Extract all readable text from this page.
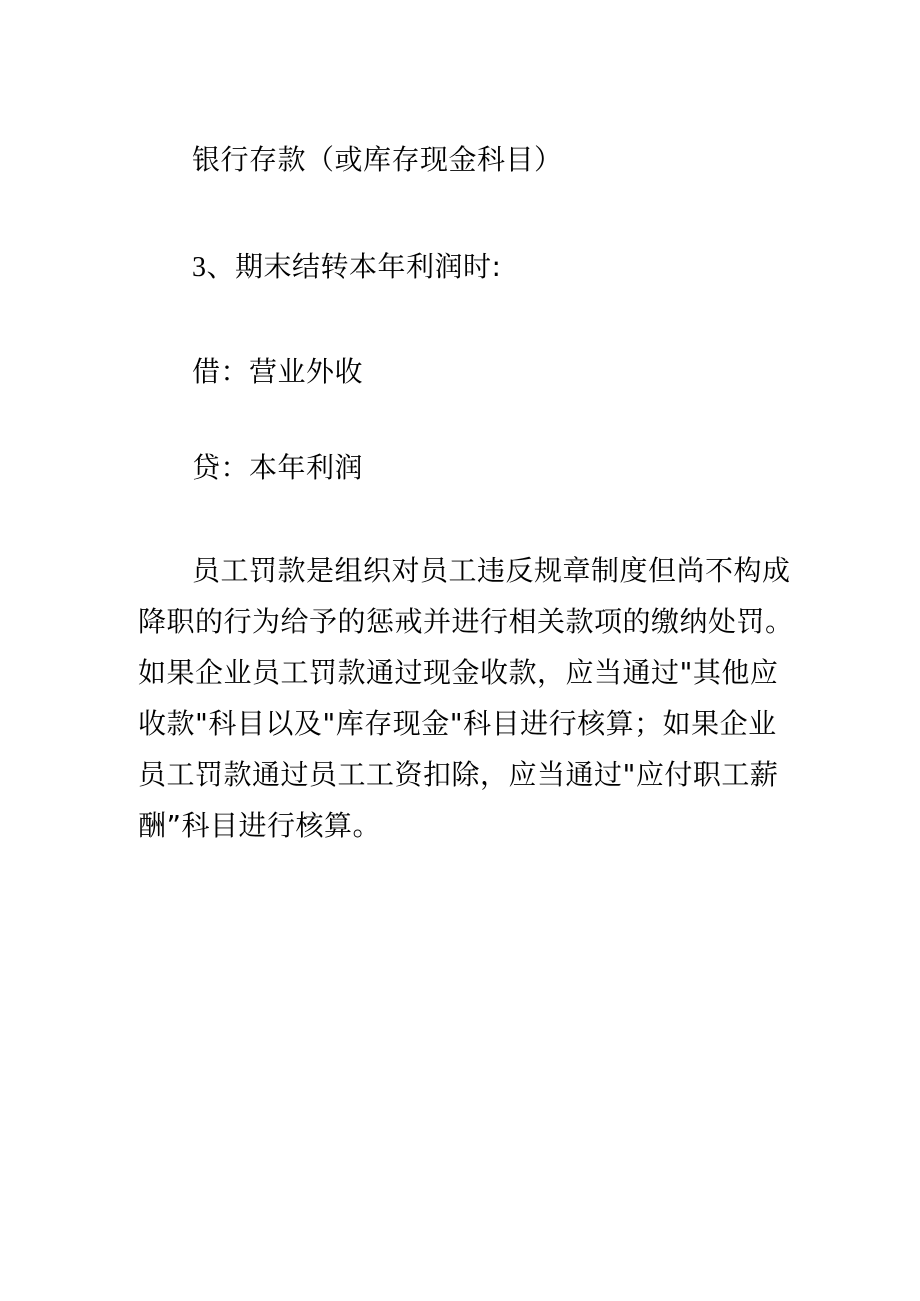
银行存款（或库存现金科目）
3、期末结转本年利润时:
借：营业外收
贷：本年利润

员工罚款是组织对员工违反规章制度但尚不构成降职的行为给予的惩戒并进行相关款项的缴纳处罚。如果企业员工罚款通过现金收款，应当通过"其他应收款"科目以及"库存现金"科目进行核算；如果企业员工罚款通过员工工资扣除，应当通过"应付职工薪酬”科目进行核算。
